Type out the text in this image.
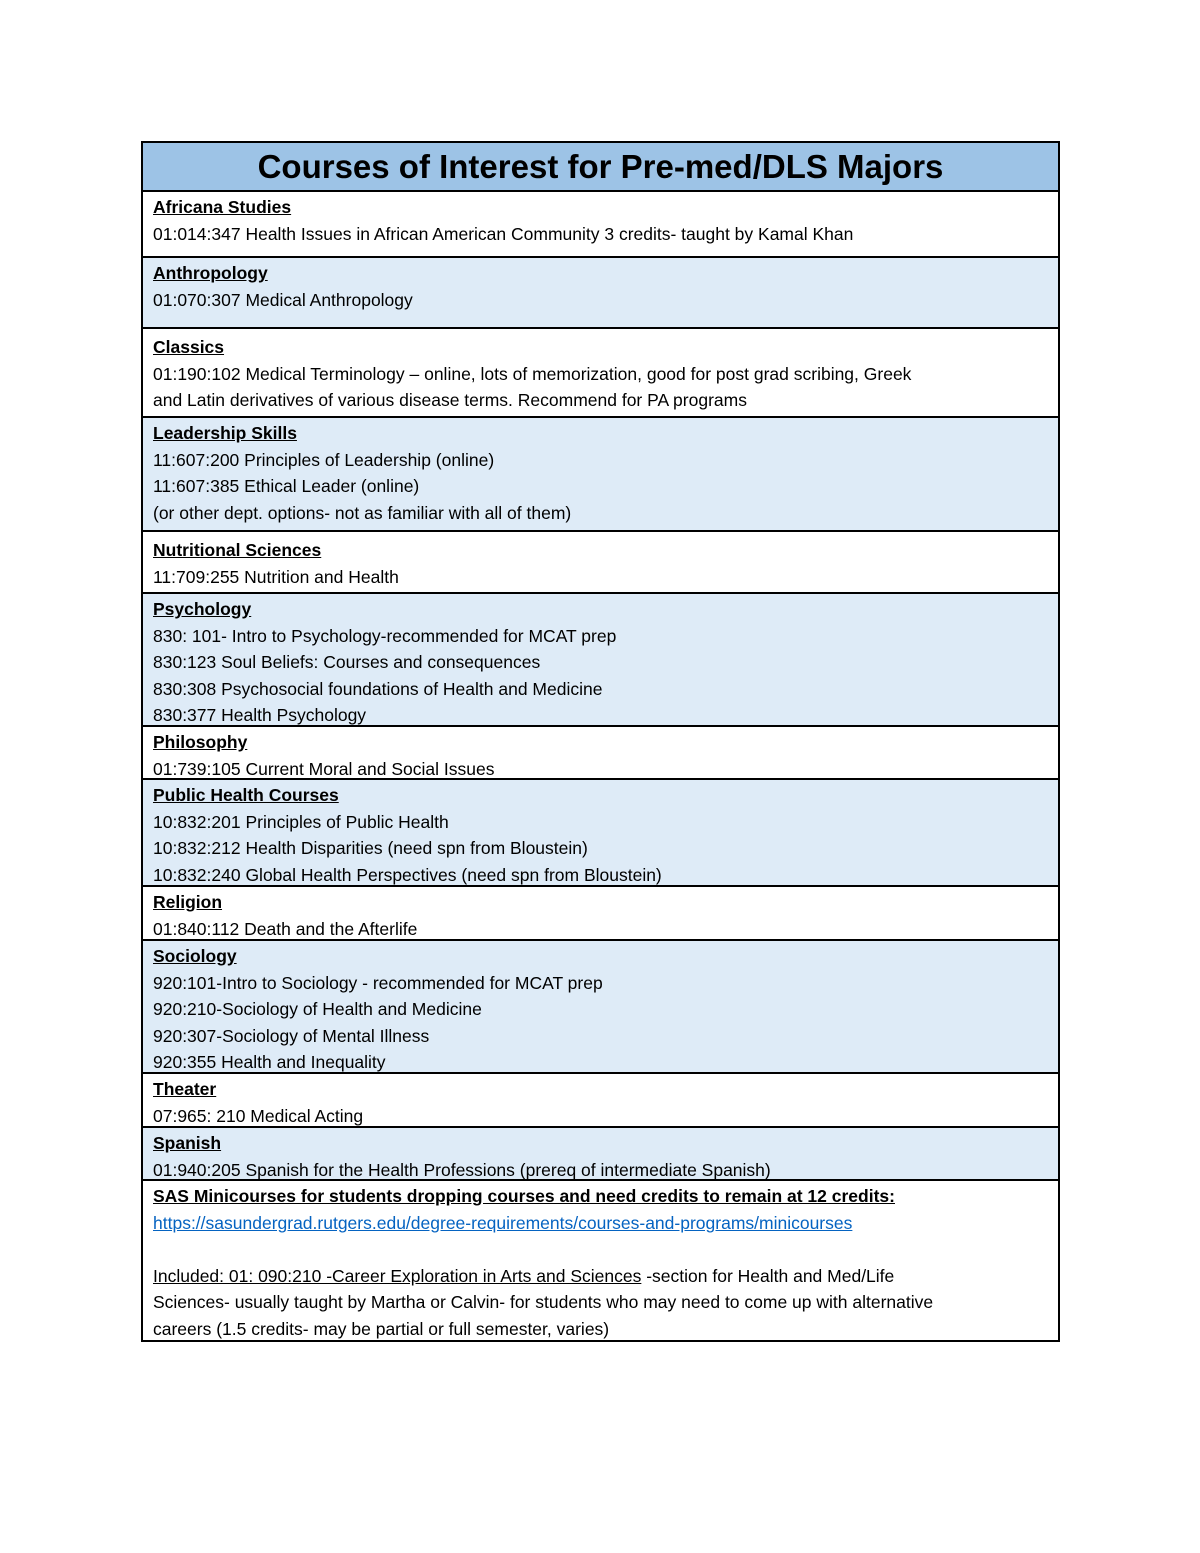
Courses of Interest for Pre-med/DLS Majors
Africana Studies
01:014:347 Health Issues in African American Community 3 credits- taught by Kamal Khan
Anthropology
01:070:307 Medical Anthropology
Classics
01:190:102 Medical Terminology – online, lots of memorization, good for post grad scribing, Greek
and Latin derivatives of various disease terms. Recommend for PA programs
Leadership Skills
11:607:200 Principles of Leadership (online)
11:607:385 Ethical Leader (online)
(or other dept. options- not as familiar with all of them)
Nutritional Sciences
11:709:255 Nutrition and Health
Psychology
830: 101- Intro to Psychology-recommended for MCAT prep
830:123 Soul Beliefs: Courses and consequences
830:308 Psychosocial foundations of Health and Medicine
830:377 Health Psychology
Philosophy
01:739:105 Current Moral and Social Issues
Public Health Courses
10:832:201 Principles of Public Health
10:832:212 Health Disparities (need spn from Bloustein)
10:832:240 Global Health Perspectives (need spn from Bloustein)
Religion
01:840:112 Death and the Afterlife
Sociology
920:101-Intro to Sociology - recommended for MCAT prep
920:210-Sociology of Health and Medicine
920:307-Sociology of Mental Illness
920:355 Health and Inequality
Theater
07:965: 210 Medical Acting
Spanish
01:940:205 Spanish for the Health Professions (prereq of intermediate Spanish)
SAS Minicourses for students dropping courses and need credits to remain at 12 credits:
https://sasundergrad.rutgers.edu/degree-requirements/courses-and-programs/minicourses
Included: 01: 090:210 -Career Exploration in Arts and Sciences -section for Health and Med/Life
Sciences- usually taught by Martha or Calvin- for students who may need to come up with alternative
careers (1.5 credits- may be partial or full semester, varies)
